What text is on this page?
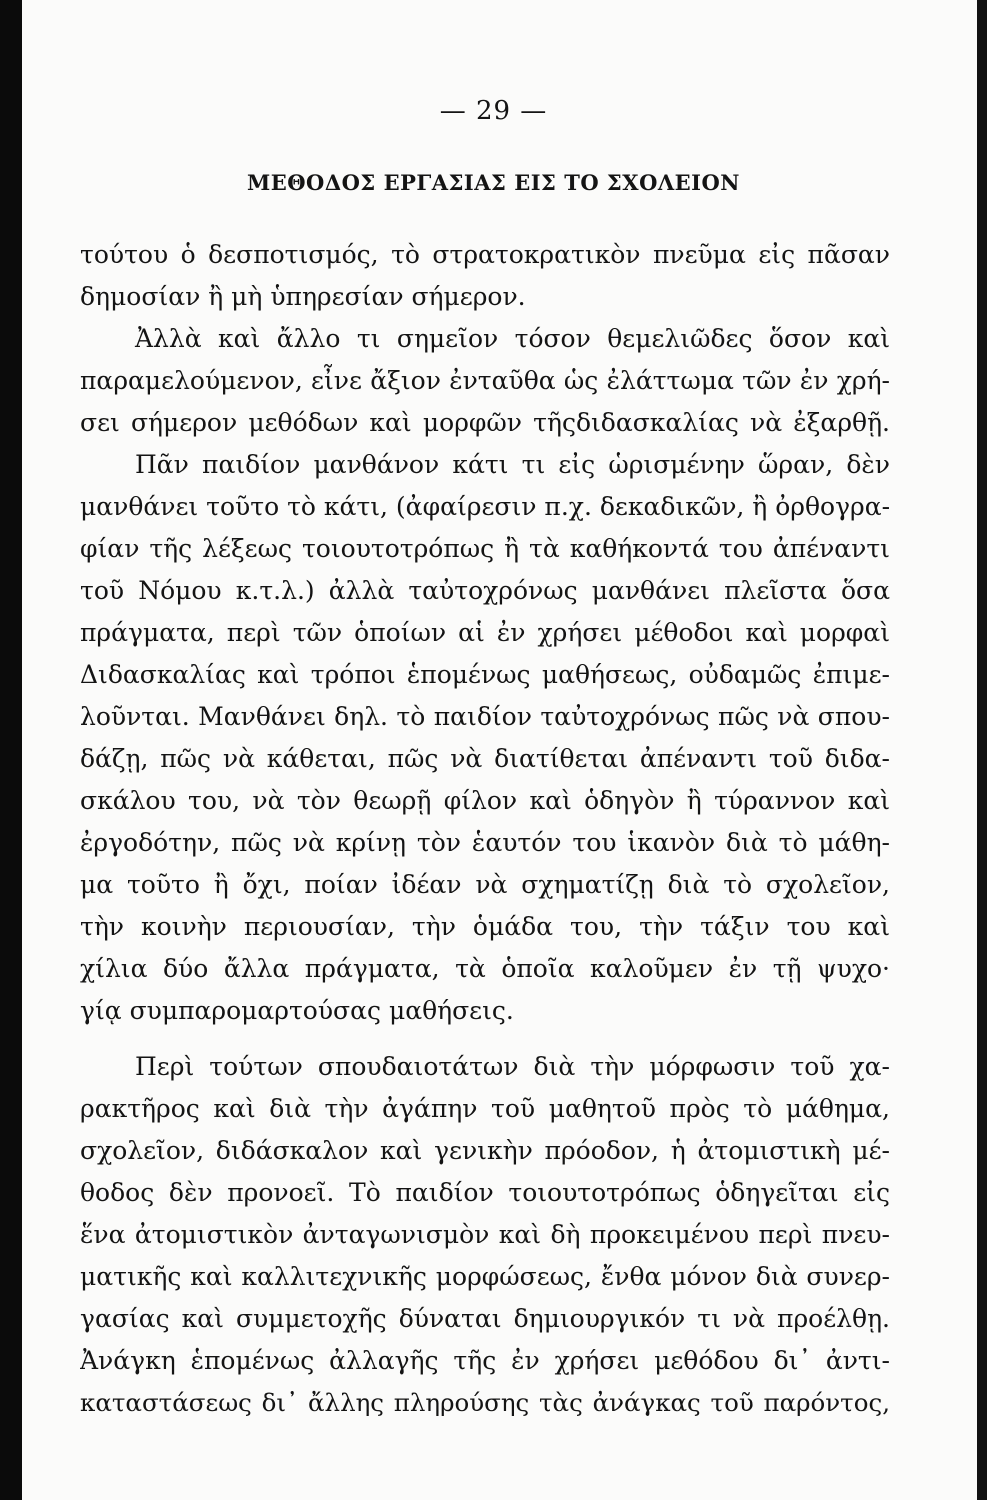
— 29 —
ΜΕΘΟΔΟΣ ΕΡΓΑΣΙΑΣ ΕΙΣ ΤΟ ΣΧΟΛΕΙΟΝ
τούτου ὁ δεσποτισμός, τὸ στρατοκρατικὸν πνεῦμα εἰς πᾶσαν
δημοσίαν ἢ μὴ ὑπηρεσίαν σήμερον.
Ἀλλὰ καὶ ἄλλο τι σημεῖον τόσον θεμελιῶδες ὅσον καὶ
παραμελούμενον, εἶνε ἄξιον ἐνταῦθα ὡς ἐλάττωμα τῶν ἐν χρή-
σει σήμερον μεθόδων καὶ μορφῶν τῆςδιδασκαλίας νὰ ἐξαρθῇ.
Πᾶν παιδίον μανθάνον κάτι τι εἰς ὡρισμένην ὥραν, δὲν
μανθάνει τοῦτο τὸ κάτι, (ἀφαίρεσιν π.χ. δεκαδικῶν, ἢ ὀρθογρα-
φίαν τῆς λέξεως τοιουτοτρόπως ἢ τὰ καθήκοντά του ἀπέναντι
τοῦ Νόμου κ.τ.λ.) ἀλλὰ ταὐτοχρόνως μανθάνει πλεῖστα ὅσα
πράγματα, περὶ τῶν ὁποίων αἱ ἐν χρήσει μέθοδοι καὶ μορφαὶ
Διδασκαλίας καὶ τρόποι ἑπομένως μαθήσεως, οὐδαμῶς ἐπιμε-
λοῦνται. Μανθάνει δηλ. τὸ παιδίον ταὐτοχρόνως πῶς νὰ σπου-
δάζῃ, πῶς νὰ κάθεται, πῶς νὰ διατίθεται ἀπέναντι τοῦ διδα-
σκάλου του, νὰ τὸν θεωρῇ φίλον καὶ ὁδηγὸν ἢ τύραννον καὶ
ἐργοδότην, πῶς νὰ κρίνῃ τὸν ἑαυτόν του ἱκανὸν διὰ τὸ μάθη-
μα τοῦτο ἢ ὄχι, ποίαν ἰδέαν νὰ σχηματίζῃ διὰ τὸ σχολεῖον,
τὴν κοινὴν περιουσίαν, τὴν ὁμάδα του, τὴν τάξιν του καὶ
χίλια δύο ἄλλα πράγματα, τὰ ὁποῖα καλοῦμεν ἐν τῇ ψυχο·
γίᾳ συμπαρομαρτούσας μαθήσεις.
Περὶ τούτων σπουδαιοτάτων διὰ τὴν μόρφωσιν τοῦ χα-
ρακτῆρος καὶ διὰ τὴν ἀγάπην τοῦ μαθητοῦ πρὸς τὸ μάθημα,
σχολεῖον, διδάσκαλον καὶ γενικὴν πρόοδον, ἡ ἀτομιστικὴ μέ-
θοδος δὲν προνοεῖ. Τὸ παιδίον τοιουτοτρόπως ὁδηγεῖται εἰς
ἕνα ἀτομιστικὸν ἀνταγωνισμὸν καὶ δὴ προκειμένου περὶ πνευ-
ματικῆς καὶ καλλιτεχνικῆς μορφώσεως, ἔνθα μόνον διὰ συνερ-
γασίας καὶ συμμετοχῆς δύναται δημιουργικόν τι νὰ προέλθῃ.
Ἀνάγκη ἑπομένως ἀλλαγῆς τῆς ἐν χρήσει μεθόδου δι᾽ ἀντι-
καταστάσεως δι᾽ ἄλλης πληρούσης τὰς ἀνάγκας τοῦ παρόντος,
